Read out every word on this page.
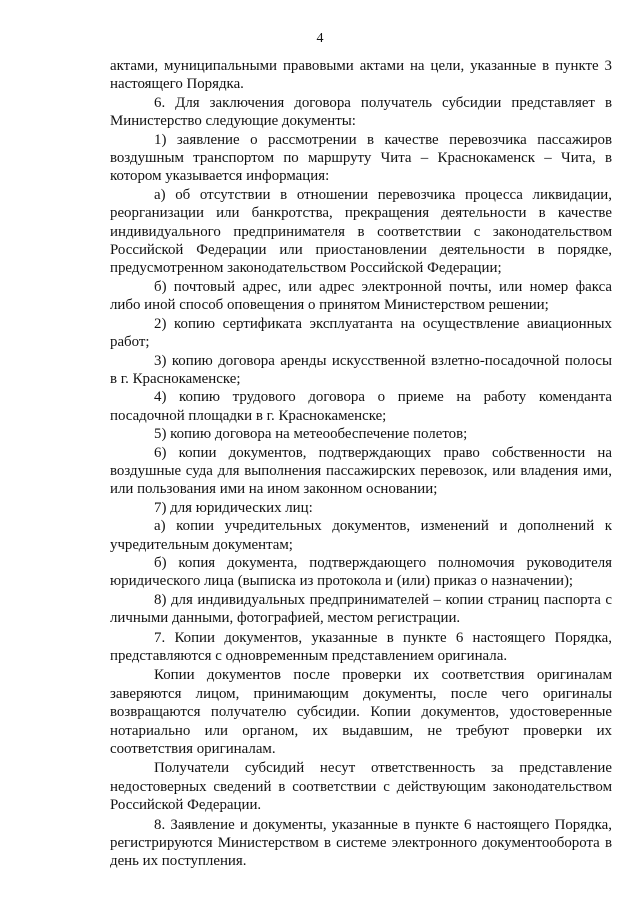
4

актами, муниципальными правовыми актами на цели, указанные в пункте 3 настоящего Порядка.

6. Для заключения договора получатель субсидии представляет в Министерство следующие документы:

1) заявление о рассмотрении в качестве перевозчика пассажиров воздушным транспортом по маршруту Чита – Краснокаменск – Чита, в котором указывается информация:

а) об отсутствии в отношении перевозчика процесса ликвидации, реорганизации или банкротства, прекращения деятельности в качестве индивидуального предпринимателя в соответствии с законодательством Российской Федерации или приостановлении деятельности в порядке, предусмотренном законодательством Российской Федерации;

б) почтовый адрес, или адрес электронной почты, или номер факса либо иной способ оповещения о принятом Министерством решении;

2) копию сертификата эксплуатанта на осуществление авиационных работ;

3) копию договора аренды искусственной взлетно-посадочной полосы в г. Краснокаменске;

4) копию трудового договора о приеме на работу коменданта посадочной площадки в г. Краснокаменске;

5) копию договора на метеообеспечение полетов;

6) копии документов, подтверждающих право собственности на воздушные суда для выполнения пассажирских перевозок, или владения ими, или пользования ими на ином законном основании;

7) для юридических лиц:

а) копии учредительных документов, изменений и дополнений к учредительным документам;

б) копия документа, подтверждающего полномочия руководителя юридического лица (выписка из протокола и (или) приказ о назначении);

8) для индивидуальных предпринимателей – копии страниц паспорта с личными данными, фотографией, местом регистрации.

7. Копии документов, указанные в пункте 6 настоящего Порядка, представляются с одновременным представлением оригинала.

Копии документов после проверки их соответствия оригиналам заверяются лицом, принимающим документы, после чего оригиналы возвращаются получателю субсидии. Копии документов, удостоверенные нотариально или органом, их выдавшим, не требуют проверки их соответствия оригиналам.

Получатели субсидий несут ответственность за представление недостоверных сведений в соответствии с действующим законодательством Российской Федерации.

8. Заявление и документы, указанные в пункте 6 настоящего Порядка, регистрируются Министерством в системе электронного документооборота в день их поступления.
